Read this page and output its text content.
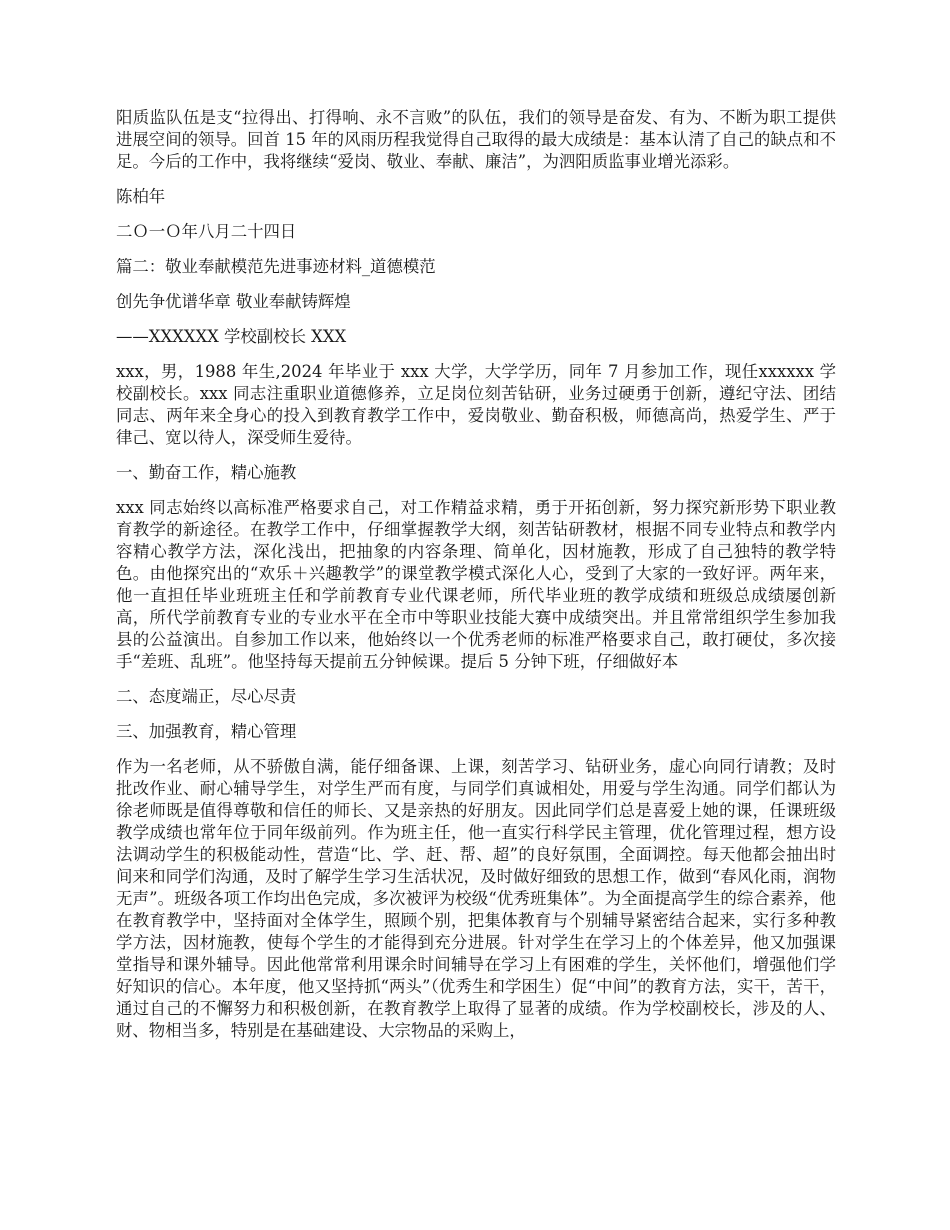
阳质监队伍是支“拉得出、打得响、永不言败”的队伍，我们的领导是奋发、有为、不断为职工提供进展空间的领导。回首 15 年的风雨历程我觉得自己取得的最大成绩是：基本认清了自己的缺点和不足。今后的工作中，我将继续“爱岗、敬业、奉献、廉洁”，为泗阳质监事业增光添彩。

陈柏年

二Ｏ一Ｏ年八月二十四日

篇二：敬业奉献模范先进事迹材料_道德模范

创先争优谱华章 敬业奉献铸辉煌

——XXXXXX 学校副校长 XXX

xxx，男，1988 年生,2024 年毕业于 xxx 大学，大学学历，同年 7 月参加工作，现任xxxxxx 学校副校长。xxx 同志注重职业道德修养，立足岗位刻苦钻研，业务过硬勇于创新，遵纪守法、团结同志、两年来全身心的投入到教育教学工作中，爱岗敬业、勤奋积极，师德高尚，热爱学生、严于律己、宽以待人，深受师生爱待。

一、勤奋工作，精心施教

xxx 同志始终以高标准严格要求自己，对工作精益求精，勇于开拓创新，努力探究新形势下职业教育教学的新途径。在教学工作中，仔细掌握教学大纲，刻苦钻研教材，根据不同专业特点和教学内容精心教学方法，深化浅出，把抽象的内容条理、简单化，因材施教，形成了自己独特的教学特色。由他探究出的“欢乐＋兴趣教学”的课堂教学模式深化人心，受到了大家的一致好评。两年来，他一直担任毕业班班主任和学前教育专业代课老师，所代毕业班的教学成绩和班级总成绩屡创新高，所代学前教育专业的专业水平在全市中等职业技能大赛中成绩突出。并且常常组织学生参加我县的公益演出。自参加工作以来，他始终以一个优秀老师的标准严格要求自己，敢打硬仗，多次接手“差班、乱班”。他坚持每天提前五分钟候课。提后 5 分钟下班，仔细做好本

二、态度端正，尽心尽责

三、加强教育，精心管理

作为一名老师，从不骄傲自满，能仔细备课、上课，刻苦学习、钻研业务，虚心向同行请教；及时批改作业、耐心辅导学生，对学生严而有度，与同学们真诚相处，用爱与学生沟通。同学们都认为徐老师既是值得尊敬和信任的师长、又是亲热的好朋友。因此同学们总是喜爱上她的课，任课班级教学成绩也常年位于同年级前列。作为班主任，他一直实行科学民主管理，优化管理过程，想方设法调动学生的积极能动性，营造“比、学、赶、帮、超”的良好氛围，全面调控。每天他都会抽出时间来和同学们沟通，及时了解学生学习生活状况，及时做好细致的思想工作，做到“春风化雨，润物无声”。班级各项工作均出色完成，多次被评为校级“优秀班集体”。为全面提高学生的综合素养，他在教育教学中，坚持面对全体学生，照顾个别，把集体教育与个别辅导紧密结合起来，实行多种教学方法，因材施教，使每个学生的才能得到充分进展。针对学生在学习上的个体差异，他又加强课堂指导和课外辅导。因此他常常利用课余时间辅导在学习上有困难的学生，关怀他们，增强他们学好知识的信心。本年度，他又坚持抓“两头”（优秀生和学困生）促“中间”的教育方法，实干，苦干，通过自己的不懈努力和积极创新，在教育教学上取得了显著的成绩。作为学校副校长，涉及的人、财、物相当多，特别是在基础建设、大宗物品的采购上，
